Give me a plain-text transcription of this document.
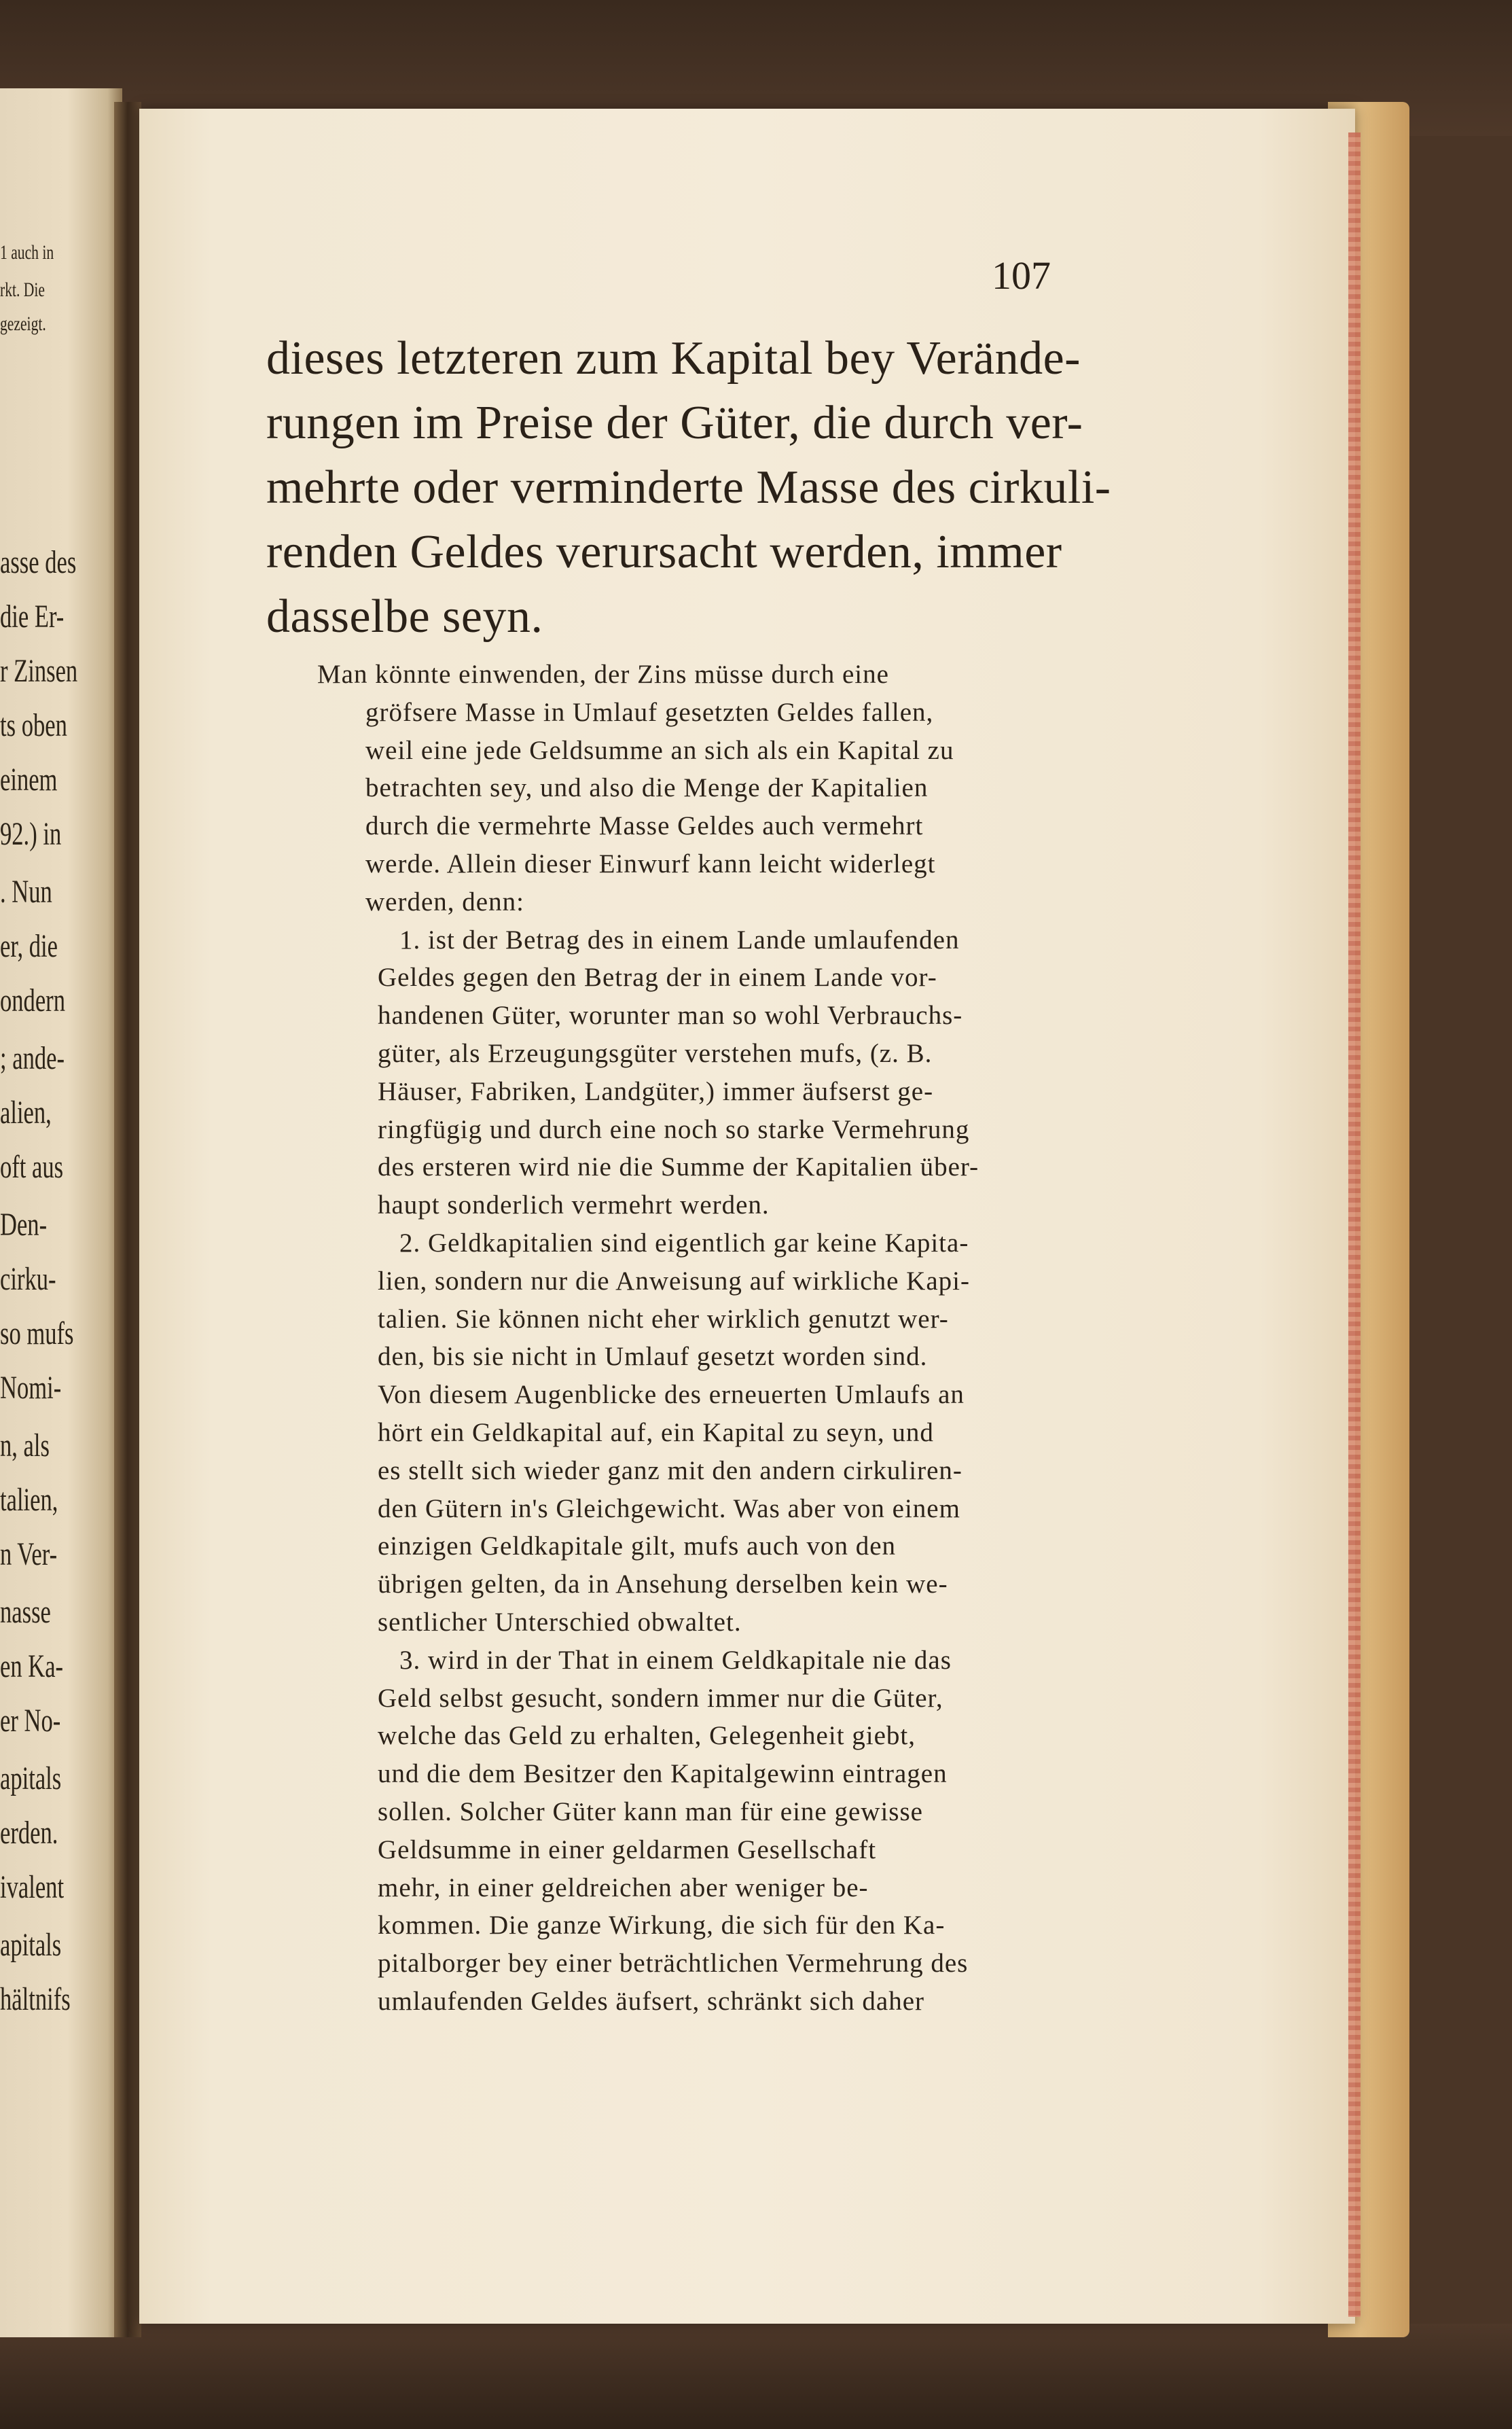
1 auch in
rkt. Die
gezeigt.
asse des
die Er-
r Zinsen
ts oben
einem
92.) in
. Nun
er, die
ondern
; ande-
alien,
oft aus
Den-
cirku-
so mufs
Nomi-
n, als
talien,
n Ver-
nasse
en Ka-
er No-
apitals
erden.
ivalent
apitals
hältnifs
107
dieses letzteren zum Kapital bey Verände-
rungen im Preise der Güter, die durch ver-
mehrte oder verminderte Masse des cirkuli-
renden Geldes verursacht werden, immer
dasselbe seyn.
Man könnte einwenden, der Zins müsse durch eine
gröfsere Masse in Umlauf gesetzten Geldes fallen,
weil eine jede Geldsumme an sich als ein Kapital zu
betrachten sey, und also die Menge der Kapitalien
durch die vermehrte Masse Geldes auch vermehrt
werde. Allein dieser Einwurf kann leicht widerlegt
werden, denn:
1. ist der Betrag des in einem Lande umlaufenden
Geldes gegen den Betrag der in einem Lande vor-
handenen Güter, worunter man so wohl Verbrauchs-
güter, als Erzeugungsgüter verstehen mufs, (z. B.
Häuser, Fabriken, Landgüter,) immer äufserst ge-
ringfügig und durch eine noch so starke Vermehrung
des ersteren wird nie die Summe der Kapitalien über-
haupt sonderlich vermehrt werden.
2. Geldkapitalien sind eigentlich gar keine Kapita-
lien, sondern nur die Anweisung auf wirkliche Kapi-
talien. Sie können nicht eher wirklich genutzt wer-
den, bis sie nicht in Umlauf gesetzt worden sind.
Von diesem Augenblicke des erneuerten Umlaufs an
hört ein Geldkapital auf, ein Kapital zu seyn, und
es stellt sich wieder ganz mit den andern cirkuliren-
den Gütern in's Gleichgewicht. Was aber von einem
einzigen Geldkapitale gilt, mufs auch von den
übrigen gelten, da in Ansehung derselben kein we-
sentlicher Unterschied obwaltet.
3. wird in der That in einem Geldkapitale nie das
Geld selbst gesucht, sondern immer nur die Güter,
welche das Geld zu erhalten, Gelegenheit giebt,
und die dem Besitzer den Kapitalgewinn eintragen
sollen. Solcher Güter kann man für eine gewisse
Geldsumme in einer geldarmen Gesellschaft
mehr, in einer geldreichen aber weniger be-
kommen. Die ganze Wirkung, die sich für den Ka-
pitalborger bey einer beträchtlichen Vermehrung des
umlaufenden Geldes äufsert, schränkt sich daher
